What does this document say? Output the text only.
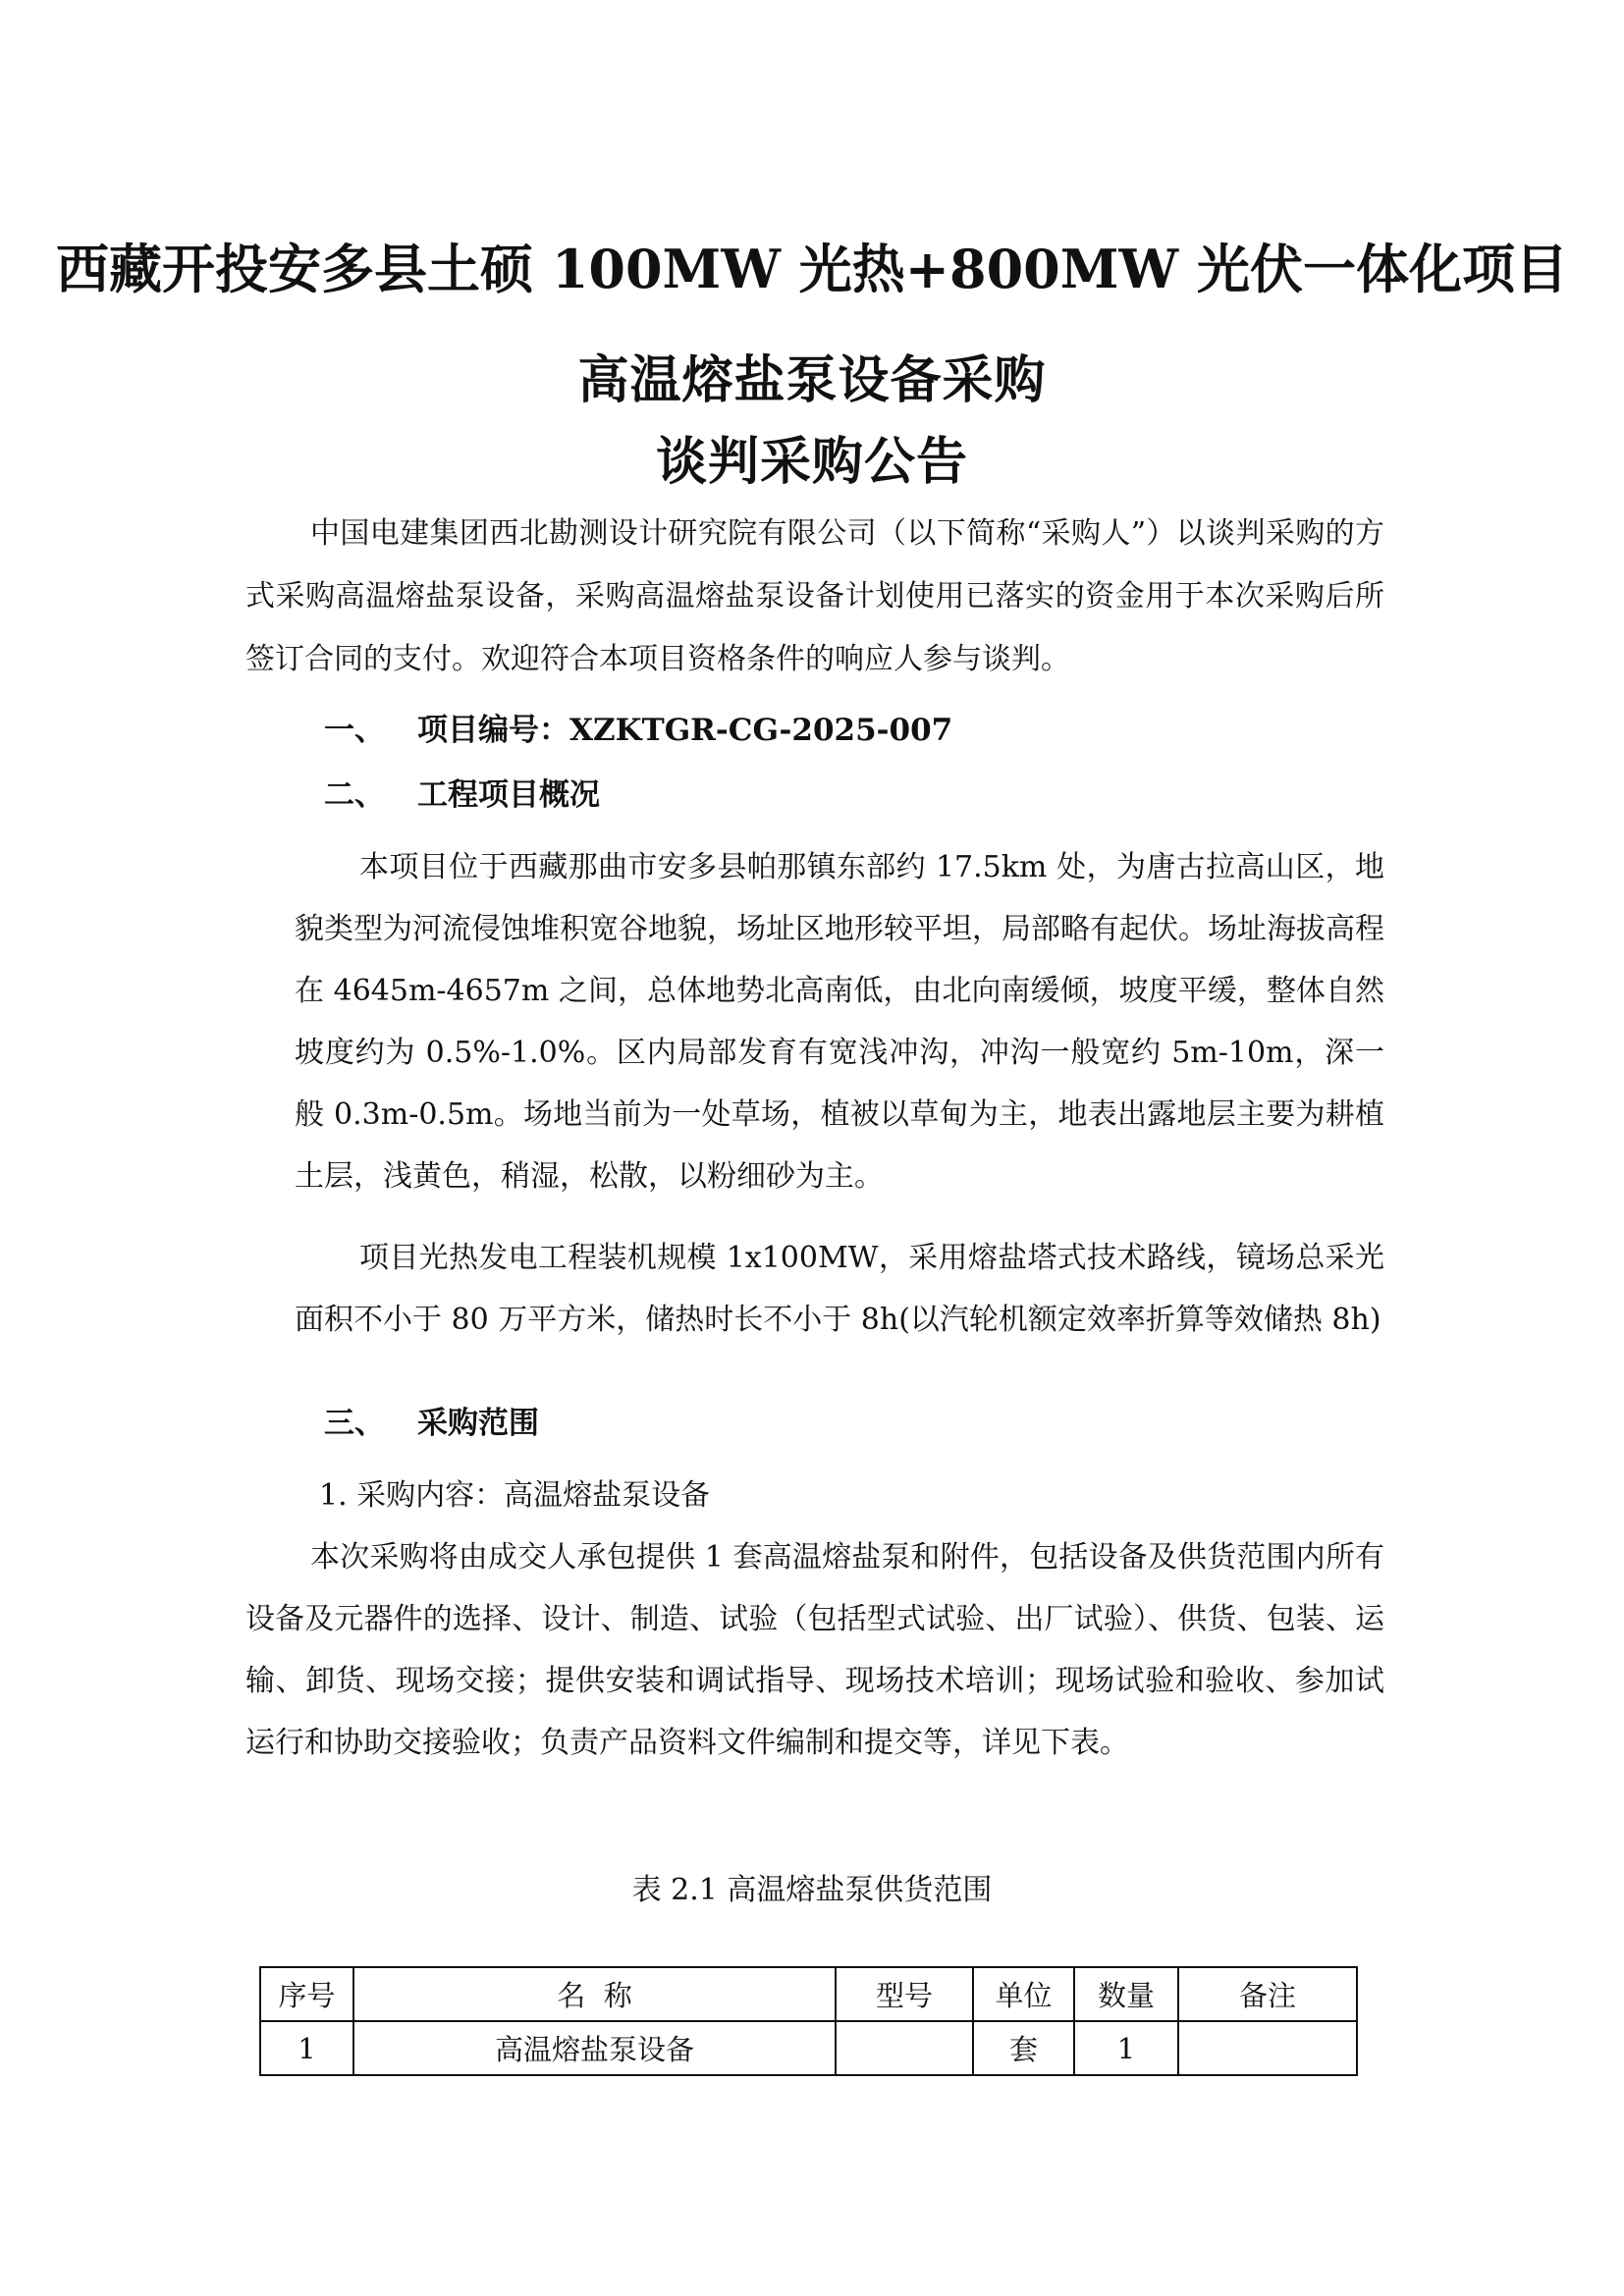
西藏开投安多县土硕 100MW 光热+800MW 光伏一体化项目
高温熔盐泵设备采购
谈判采购公告
中国电建集团西北勘测设计研究院有限公司（以下简称“采购人”）以谈判采购的方式采购高温熔盐泵设备，采购高温熔盐泵设备计划使用已落实的资金用于本次采购后所签订合同的支付。欢迎符合本项目资格条件的响应人参与谈判。
一、 项目编号：XZKTGR-CG-2025-007
二、 工程项目概况
本项目位于西藏那曲市安多县帕那镇东部约 17.5km 处，为唐古拉高山区，地貌类型为河流侵蚀堆积宽谷地貌，场址区地形较平坦，局部略有起伏。场址海拔高程在 4645m-4657m 之间，总体地势北高南低，由北向南缓倾，坡度平缓，整体自然坡度约为 0.5%-1.0%。区内局部发育有宽浅冲沟，冲沟一般宽约 5m-10m，深一般 0.3m-0.5m。场地当前为一处草场，植被以草甸为主，地表出露地层主要为耕植土层，浅黄色，稍湿，松散，以粉细砂为主。
项目光热发电工程装机规模 1x100MW，采用熔盐塔式技术路线，镜场总采光面积不小于 80 万平方米，储热时长不小于 8h(以汽轮机额定效率折算等效储热 8h)
三、 采购范围
1. 采购内容：高温熔盐泵设备
本次采购将由成交人承包提供 1 套高温熔盐泵和附件，包括设备及供货范围内所有设备及元器件的选择、设计、制造、试验（包括型式试验、出厂试验）、供货、包装、运输、卸货、现场交接；提供安装和调试指导、现场技术培训；现场试验和验收、参加试运行和协助交接验收；负责产品资料文件编制和提交等，详见下表。
表 2.1 高温熔盐泵供货范围
序号	名  称	型号	单位	数量	备注
1	高温熔盐泵设备		套	1	
